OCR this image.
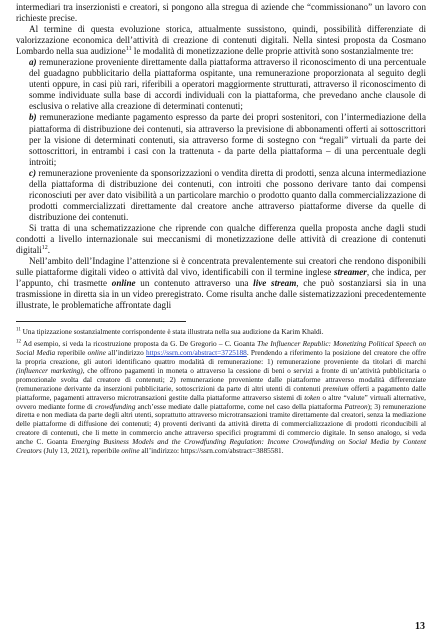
intermediari tra inserzionisti e creatori, si pongono alla stregua di aziende che “commissionano” un lavoro con richieste precise.

Al termine di questa evoluzione storica, attualmente sussistono, quindi, possibilità differenziate di valorizzazione economica dell’attività di creazione di contenuti digitali. Nella sintesi proposta da Cosmano Lombardo nella sua audizione$^{11}$ le modalità di monetizzazione delle proprie attività sono sostanzialmente tre:

a) remunerazione proveniente direttamente dalla piattaforma attraverso il riconoscimento di una percentuale del guadagno pubblicitario della piattaforma ospitante, una remunerazione proporzionata al seguito degli utenti oppure, in casi più rari, riferibili a operatori maggiormente strutturati, attraverso il riconoscimento di somme individuate sulla base di accordi individuali con la piattaforma, che prevedano anche clausole di esclusiva o relative alla creazione di determinati contenuti;

b) remunerazione mediante pagamento espresso da parte dei propri sostenitori, con l’intermediazione della piattaforma di distribuzione dei contenuti, sia attraverso la previsione di abbonamenti offerti ai sottoscrittori per la visione di determinati contenuti, sia attraverso forme di sostegno con “regali” virtuali da parte dei sottoscrittori, in entrambi i casi con la trattenuta - da parte della piattaforma – di una percentuale degli introiti;

c) remunerazione proveniente da sponsorizzazioni o vendita diretta di prodotti, senza alcuna intermediazione della piattaforma di distribuzione dei contenuti, con introiti che possono derivare tanto dai compensi riconosciuti per aver dato visibilità a un particolare marchio o prodotto quanto dalla commercializzazione di prodotti commercializzati direttamente dal creatore anche attraverso piattaforme diverse da quelle di distribuzione dei contenuti.

Si tratta di una schematizzazione che riprende con qualche differenza quella proposta anche dagli studi condotti a livello internazionale sui meccanismi di monetizzazione delle attività di creazione di contenuti digitali$^{12}$.

Nell’ambito dell’Indagine l’attenzione si è concentrata prevalentemente sui creatori che rendono disponibili sulle piattaforme digitali video o attività dal vivo, identificabili con il termine inglese streamer, che indica, per l’appunto, chi trasmette online un contenuto attraverso una live stream, che può sostanziarsi sia in una trasmissione in diretta sia in un video preregistrato. Come risulta anche dalle sistematizzazioni precedentemente illustrate, le problematiche affrontate dagli

$^{11}$ Una tipizzazione sostanzialmente corrispondente è stata illustrata nella sua audizione da Karim Khaldi.

$^{12}$ Ad esempio, si veda la ricostruzione proposta da G. De Gregorio – C. Goanta The Influencer Republic: Monetizing Political Speech on Social Media reperibile online all’indirizzo https://ssrn.com/abstract=3725188. Prendendo a riferimento la posizione del creatore che offre la propria creazione, gli autori identificano quattro modalità di remunerazione: 1) remunerazione proveniente da titolari di marchi (influencer marketing), che offrono pagamenti in moneta o attraverso la cessione di beni o servizi a fronte di un’attività pubblicitaria o promozionale svolta dal creatore di contenuti; 2) remunerazione proveniente dalle piattaforme attraverso modalità differenziate (remunerazione derivante da inserzioni pubblicitarie, sottoscrizioni da parte di altri utenti di contenuti premium offerti a pagamento dalle piattaforme, pagamenti attraverso microtransazioni gestite dalla piattaforme attraverso sistemi di token o altre “valute” virtuali alternative, ovvero mediante forme di crowdfunding anch’esse mediate dalle piattaforme, come nel caso della piattaforma Patreon); 3) remunerazione diretta e non mediata da parte degli altri utenti, soprattutto attraverso microtransazioni tramite direttamente dal creatori, senza la mediazione delle piattaforme di diffusione dei contenuti; 4) proventi derivanti da attività diretta di commercializzazione di prodotti riconducibili al creatore di contenuti, che li mette in commercio anche attraverso specifici programmi di commercio digitale. In senso analogo, si veda anche C. Goanta Emerging Business Models and the Crowdfunding Regulation: Income Crowdfunding on Social Media by Content Creators (July 13, 2021), reperibile online all’indirizzo: https://ssrn.com/abstract=3885581.

13
